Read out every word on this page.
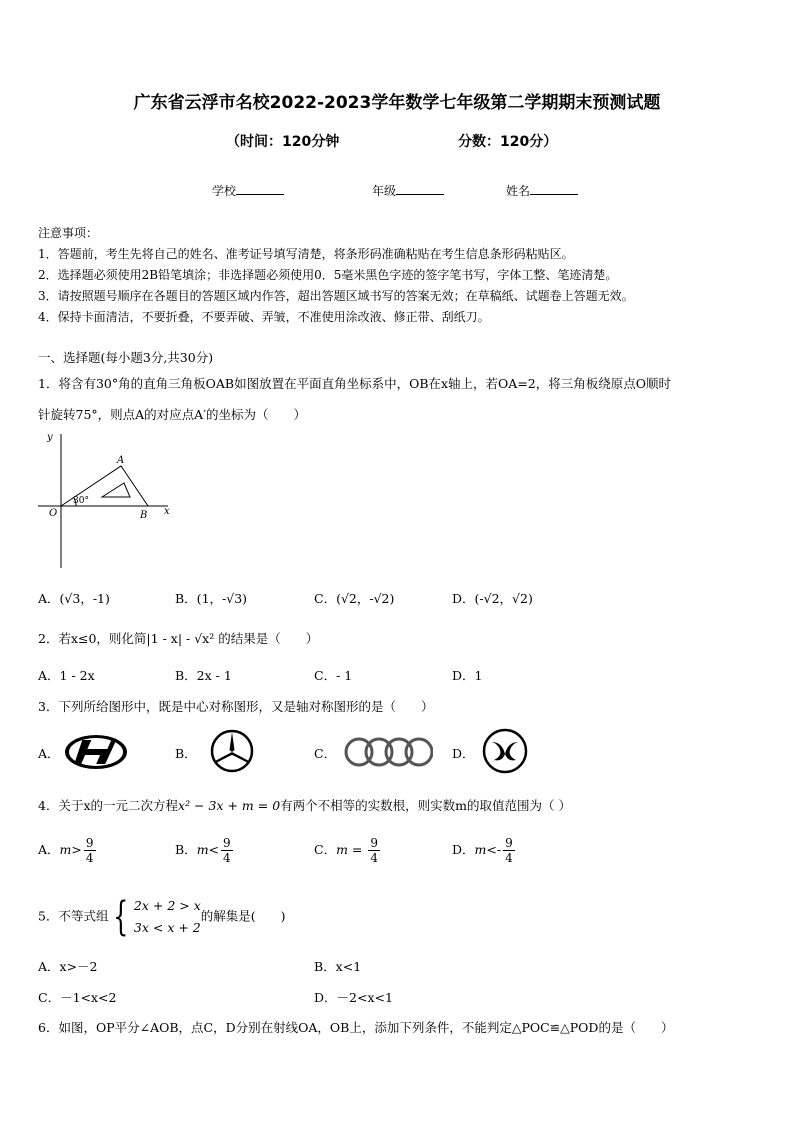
广东省云浮市名校2022-2023学年数学七年级第二学期期末预测试题
（时间：120分钟	分数：120分）
学校	年级	姓名
注意事项：
1．答题前，考生先将自己的姓名、准考证号填写清楚，将条形码准确粘贴在考生信息条形码粘贴区。
2．选择题必须使用2B铅笔填涂；非选择题必须使用0．5毫米黑色字迹的签字笔书写，字体工整、笔迹清楚。
3．请按照题号顺序在各题目的答题区域内作答，超出答题区域书写的答案无效；在草稿纸、试题卷上答题无效。
4．保持卡面清洁，不要折叠，不要弄破、弄皱，不准使用涂改液、修正带、刮纸刀。
一、选择题(每小题3分,共30分)
1．将含有30°角的直角三角板OAB如图放置在平面直角坐标系中，OB在x轴上，若OA=2，将三角板绕原点O顺时
针旋转75°，则点A的对应点A′的坐标为（　　）
y
x
O
A
B
30°
A．(√3，-1)	B．(1，-√3)	C．(√2，-√2)	D．(-√2，√2)
2．若x≤0，则化简|1 - x| - √x² 的结果是（　　）
A．1 - 2x	B．2x - 1	C．- 1	D．1
3．下列所给图形中，既是中心对称图形，又是轴对称图形的是（　　）
A．	B．	C．	D．
4．关于x的一元二次方程x² − 3x + m = 0有两个不相等的实数根，则实数m的取值范围为（ ）
A．$m> \frac{9}{4}$	B．$m< \frac{9}{4}$	C．$m = \frac{9}{4}$	D．$m<- \frac{9}{4}$
5．不等式组 { 2x + 2 > x
3x < x + 2
的解集是(　　)
A．x>－2	B．x<1
C．－1<x<2	D．－2<x<1
6．如图，OP平分∠AOB，点C，D分别在射线OA，OB上，添加下列条件，不能判定△POC≌△POD的是（　　）
